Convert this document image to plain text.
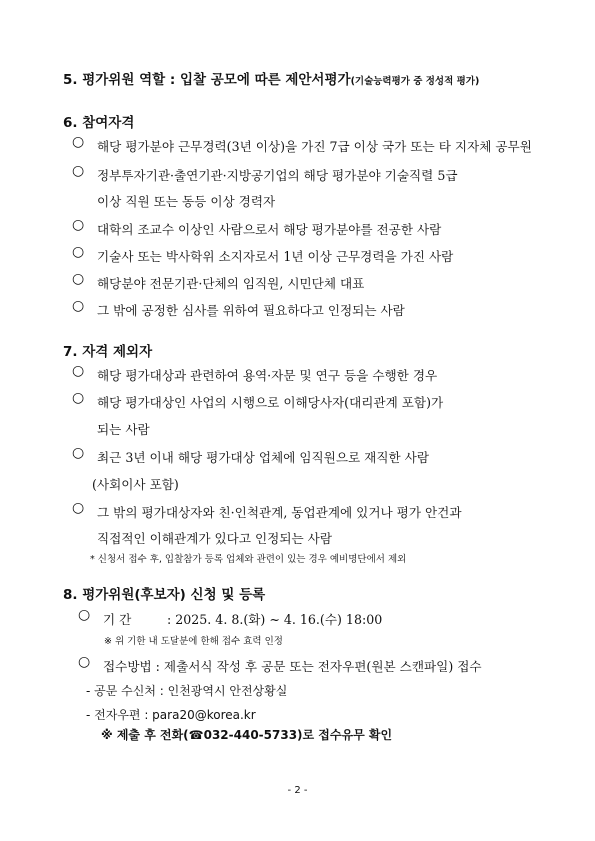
5. 평가위원 역할 : 입찰 공모에 따른 제안서평가(기술능력평가 중 정성적 평가)
6. 참여자격
○ 해당 평가분야 근무경력(3년 이상)을 가진 7급 이상 국가 또는 타 지자체 공무원
○ 정부투자기관·출연기관·지방공기업의 해당 평가분야 기술직렬 5급
이상 직원 또는 동등 이상 경력자
○ 대학의 조교수 이상인 사람으로서 해당 평가분야를 전공한 사람
○ 기술사 또는 박사학위 소지자로서 1년 이상 근무경력을 가진 사람
○ 해당분야 전문기관·단체의 임직원, 시민단체 대표
○ 그 밖에 공정한 심사를 위하여 필요하다고 인정되는 사람
7. 자격 제외자
○ 해당 평가대상과 관련하여 용역·자문 및 연구 등을 수행한 경우
○ 해당 평가대상인 사업의 시행으로 이해당사자(대리관계 포함)가
되는 사람
○ 최근 3년 이내 해당 평가대상 업체에 임직원으로 재직한 사람
(사회이사 포함)
○ 그 밖의 평가대상자와 친·인척관계, 동업관계에 있거나 평가 안건과
직접적인 이해관계가 있다고 인정되는 사람
* 신청서 접수 후, 입찰참가 등록 업체와 관련이 있는 경우 예비명단에서 제외
8. 평가위원(후보자) 신청 및 등록
○ 기 간	: 2025. 4. 8.(화) ~ 4. 16.(수) 18:00
※ 위 기한 내 도달분에 한해 접수 효력 인정
○ 접수방법 : 제출서식 작성 후 공문 또는 전자우편(원본 스캔파일) 접수
- 공문 수신처 : 인천광역시 안전상황실
- 전자우편 : para20@korea.kr
※ 제출 후 전화(☎032-440-5733)로 접수유무 확인
- 2 -
